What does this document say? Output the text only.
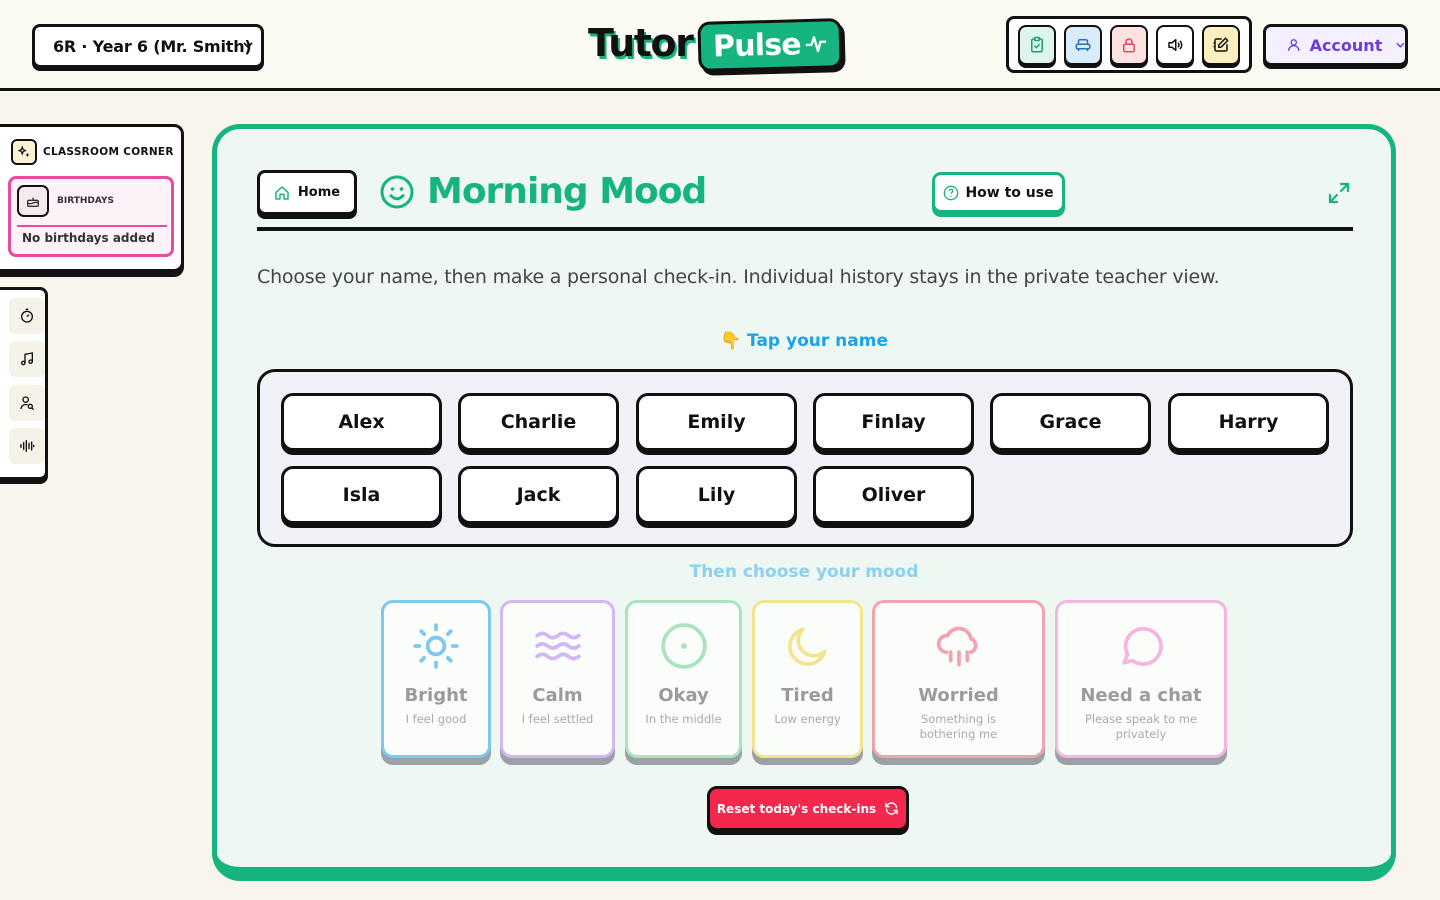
6R · Year 6 (Mr. Smith)	Tutor Pulse	Account
CLASSROOM CORNER
BIRTHDAYS
No birthdays added
Home Morning Mood	How to use

Choose your name, then make a personal check-in. Individual history stays in the private teacher view.

👇 Tap your name
Alex	Charlie	Emily	Finlay	Grace	Harry
Isla	Jack	Lily	Oliver
Then choose your mood
Bright
I feel good
Calm
I feel settled
Okay
In the middle
Tired
Low energy
Worried
Something is bothering me
Need a chat
Please speak to me privately
Reset today's check-ins
